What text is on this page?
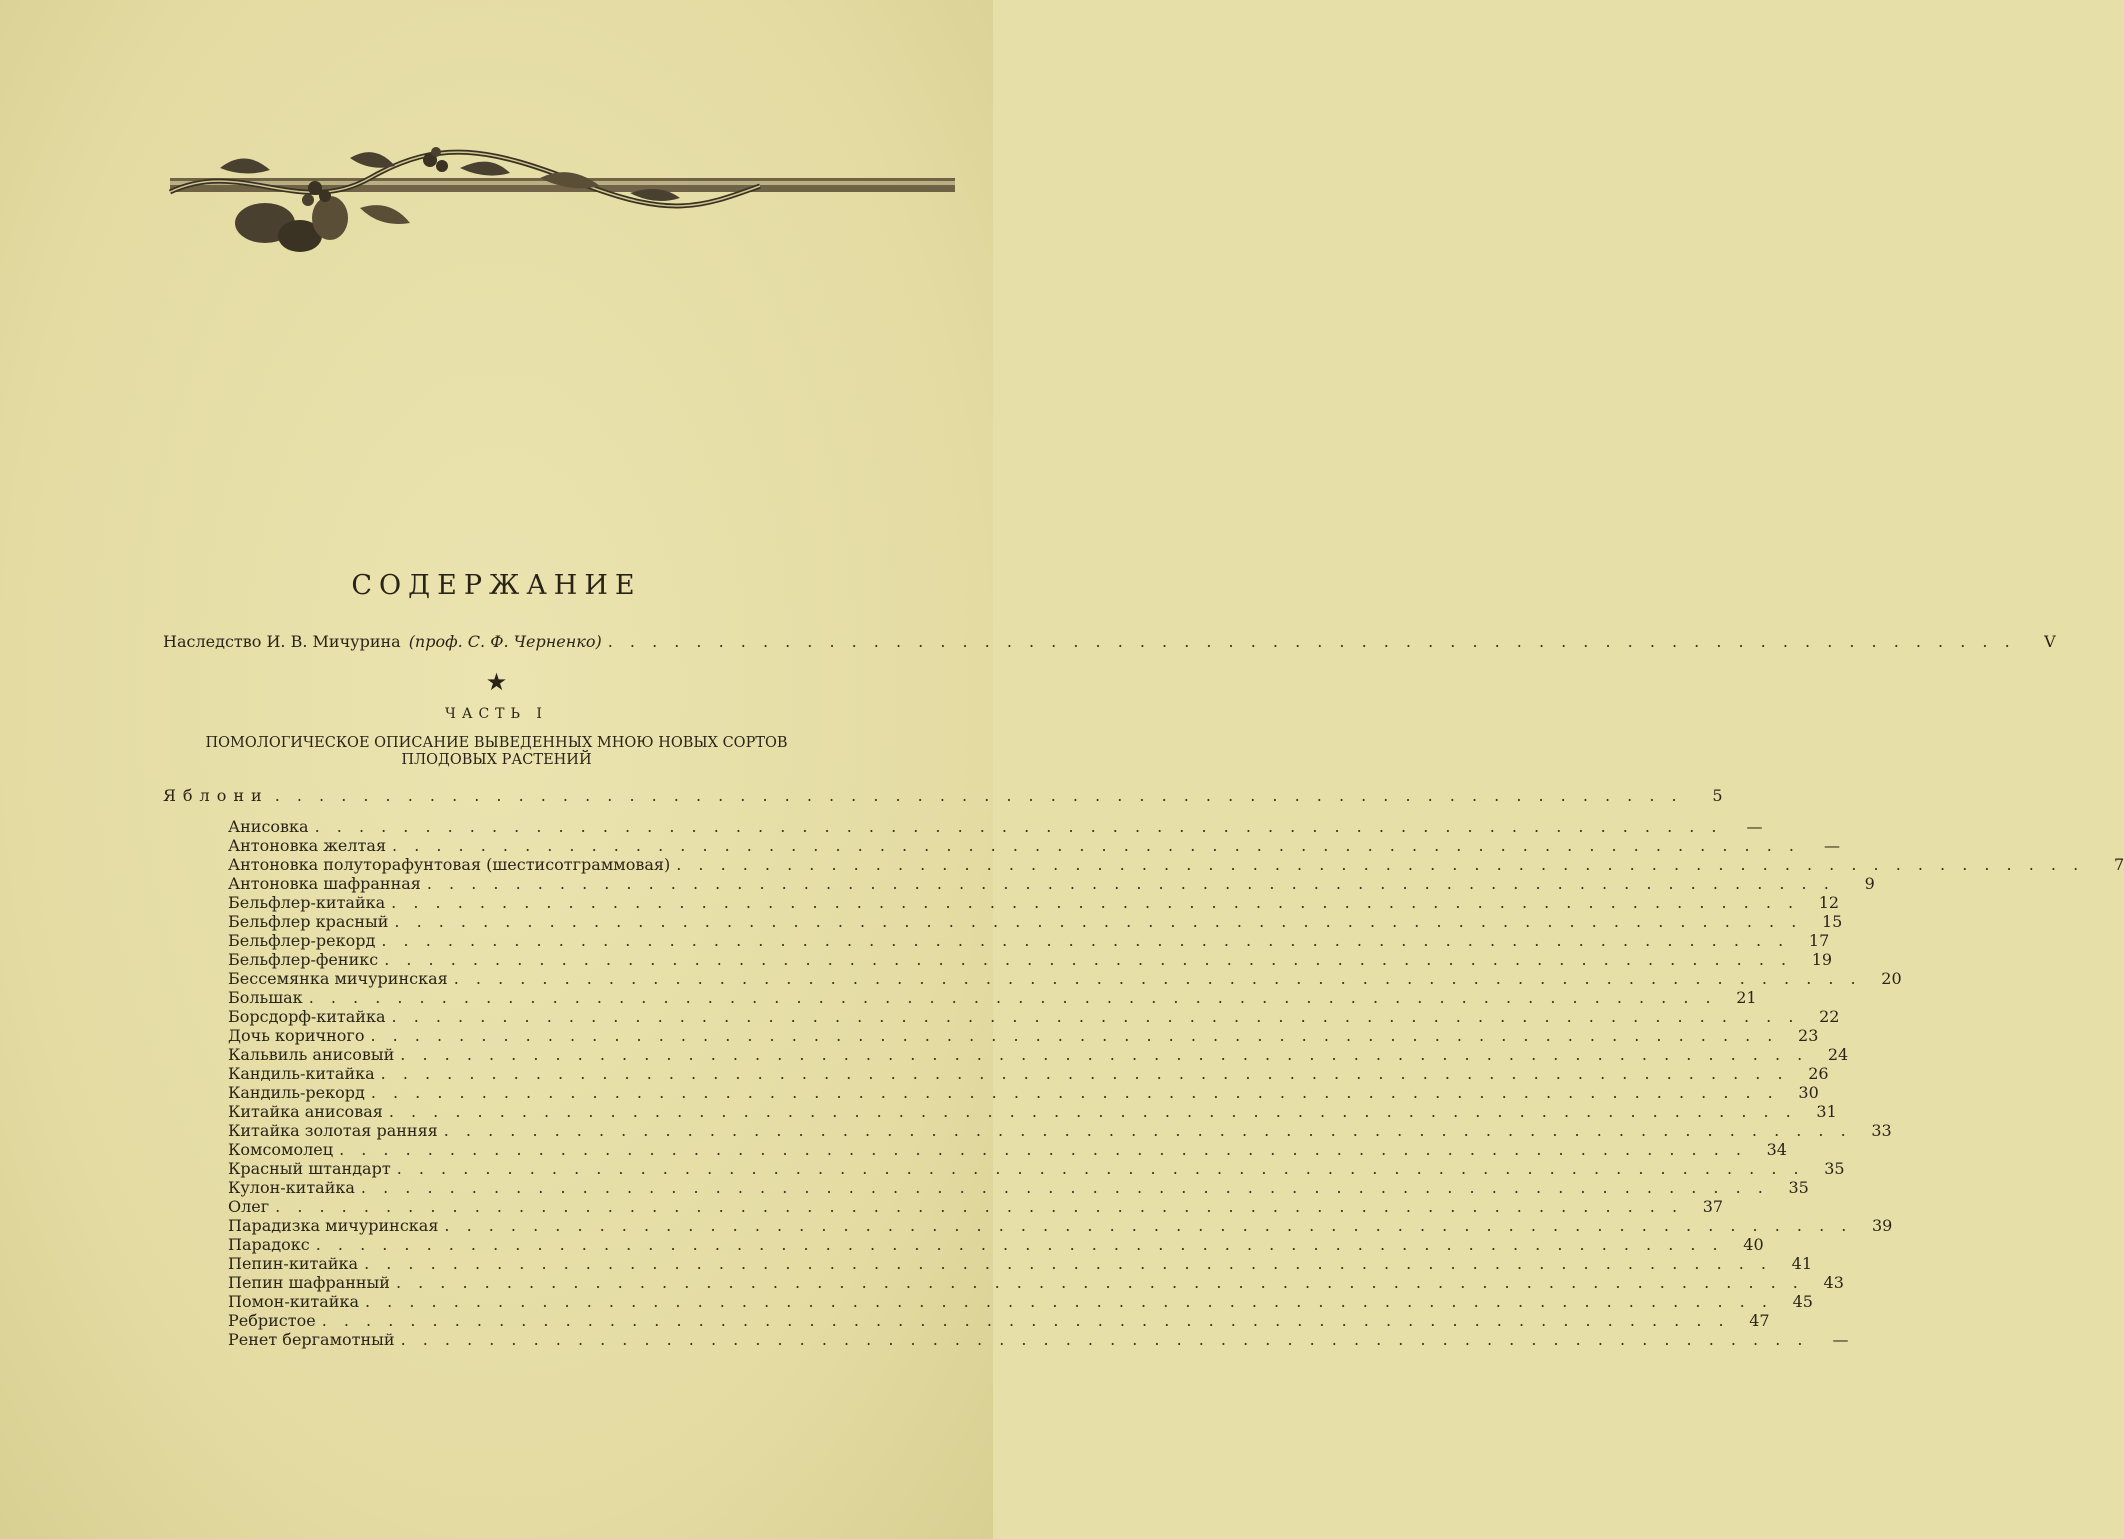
СОДЕРЖАНИЕ
Наследство И. В. Мичурина (проф. С. Ф. Черненко) . . . . . . . . . . . . . . . . . . . . . . . . . . . . . . . . . . . . . . . . . . . . . . . . . . . . . . . . . . . . . . . .	V
★
ЧАСТЬ I
ПОМОЛОГИЧЕСКОЕ ОПИСАНИЕ ВЫВЕДЕННЫХ МНОЮ НОВЫХ СОРТОВ
ПЛОДОВЫХ РАСТЕНИЙ
Яблони . . . . . . . . . . . . . . . . . . . . . . . . . . . . . . . . . . . . . . . . . . . . . . . . . . . . . . . . . . . . . . . .	5
Анисовка . . . . . . . . . . . . . . . . . . . . . . . . . . . . . . . . . . . . . . . . . . . . . . . . . . . . . . . . . . . . . . . .	—
Антоновка желтая . . . . . . . . . . . . . . . . . . . . . . . . . . . . . . . . . . . . . . . . . . . . . . . . . . . . . . . . . . . . . . . .	—
Антоновка полуторафунтовая (шестисотграммовая) . . . . . . . . . . . . . . . . . . . . . . . . . . . . . . . . . . . . . . . . . . . . . . . . . . . . . . . . . . . . . . . .	7
Антоновка шафранная . . . . . . . . . . . . . . . . . . . . . . . . . . . . . . . . . . . . . . . . . . . . . . . . . . . . . . . . . . . . . . . .	9
Бельфлер-китайка . . . . . . . . . . . . . . . . . . . . . . . . . . . . . . . . . . . . . . . . . . . . . . . . . . . . . . . . . . . . . . . .	12
Бельфлер красный . . . . . . . . . . . . . . . . . . . . . . . . . . . . . . . . . . . . . . . . . . . . . . . . . . . . . . . . . . . . . . . .	15
Бельфлер-рекорд . . . . . . . . . . . . . . . . . . . . . . . . . . . . . . . . . . . . . . . . . . . . . . . . . . . . . . . . . . . . . . . .	17
Бельфлер-феникс . . . . . . . . . . . . . . . . . . . . . . . . . . . . . . . . . . . . . . . . . . . . . . . . . . . . . . . . . . . . . . . .	19
Бессемянка мичуринская . . . . . . . . . . . . . . . . . . . . . . . . . . . . . . . . . . . . . . . . . . . . . . . . . . . . . . . . . . . . . . . .	20
Большак . . . . . . . . . . . . . . . . . . . . . . . . . . . . . . . . . . . . . . . . . . . . . . . . . . . . . . . . . . . . . . . .	21
Борсдорф-китайка . . . . . . . . . . . . . . . . . . . . . . . . . . . . . . . . . . . . . . . . . . . . . . . . . . . . . . . . . . . . . . . .	22
Дочь коричного . . . . . . . . . . . . . . . . . . . . . . . . . . . . . . . . . . . . . . . . . . . . . . . . . . . . . . . . . . . . . . . .	23
Кальвиль анисовый . . . . . . . . . . . . . . . . . . . . . . . . . . . . . . . . . . . . . . . . . . . . . . . . . . . . . . . . . . . . . . . .	24
Кандиль-китайка . . . . . . . . . . . . . . . . . . . . . . . . . . . . . . . . . . . . . . . . . . . . . . . . . . . . . . . . . . . . . . . .	26
Кандиль-рекорд . . . . . . . . . . . . . . . . . . . . . . . . . . . . . . . . . . . . . . . . . . . . . . . . . . . . . . . . . . . . . . . .	30
Китайка анисовая . . . . . . . . . . . . . . . . . . . . . . . . . . . . . . . . . . . . . . . . . . . . . . . . . . . . . . . . . . . . . . . .	31
Китайка золотая ранняя . . . . . . . . . . . . . . . . . . . . . . . . . . . . . . . . . . . . . . . . . . . . . . . . . . . . . . . . . . . . . . . .	33
Комсомолец . . . . . . . . . . . . . . . . . . . . . . . . . . . . . . . . . . . . . . . . . . . . . . . . . . . . . . . . . . . . . . . .	34
Красный штандарт . . . . . . . . . . . . . . . . . . . . . . . . . . . . . . . . . . . . . . . . . . . . . . . . . . . . . . . . . . . . . . . .	35
Кулон-китайка . . . . . . . . . . . . . . . . . . . . . . . . . . . . . . . . . . . . . . . . . . . . . . . . . . . . . . . . . . . . . . . .	35
Олег . . . . . . . . . . . . . . . . . . . . . . . . . . . . . . . . . . . . . . . . . . . . . . . . . . . . . . . . . . . . . . . .	37
Парадизка мичуринская . . . . . . . . . . . . . . . . . . . . . . . . . . . . . . . . . . . . . . . . . . . . . . . . . . . . . . . . . . . . . . . .	39
Парадокс . . . . . . . . . . . . . . . . . . . . . . . . . . . . . . . . . . . . . . . . . . . . . . . . . . . . . . . . . . . . . . . .	40
Пепин-китайка . . . . . . . . . . . . . . . . . . . . . . . . . . . . . . . . . . . . . . . . . . . . . . . . . . . . . . . . . . . . . . . .	41
Пепин шафранный . . . . . . . . . . . . . . . . . . . . . . . . . . . . . . . . . . . . . . . . . . . . . . . . . . . . . . . . . . . . . . . .	43
Помон-китайка . . . . . . . . . . . . . . . . . . . . . . . . . . . . . . . . . . . . . . . . . . . . . . . . . . . . . . . . . . . . . . . .	45
Ребристое . . . . . . . . . . . . . . . . . . . . . . . . . . . . . . . . . . . . . . . . . . . . . . . . . . . . . . . . . . . . . . . .	47
Ренет бергамотный . . . . . . . . . . . . . . . . . . . . . . . . . . . . . . . . . . . . . . . . . . . . . . . . . . . . . . . . . . . . . . . .	—
